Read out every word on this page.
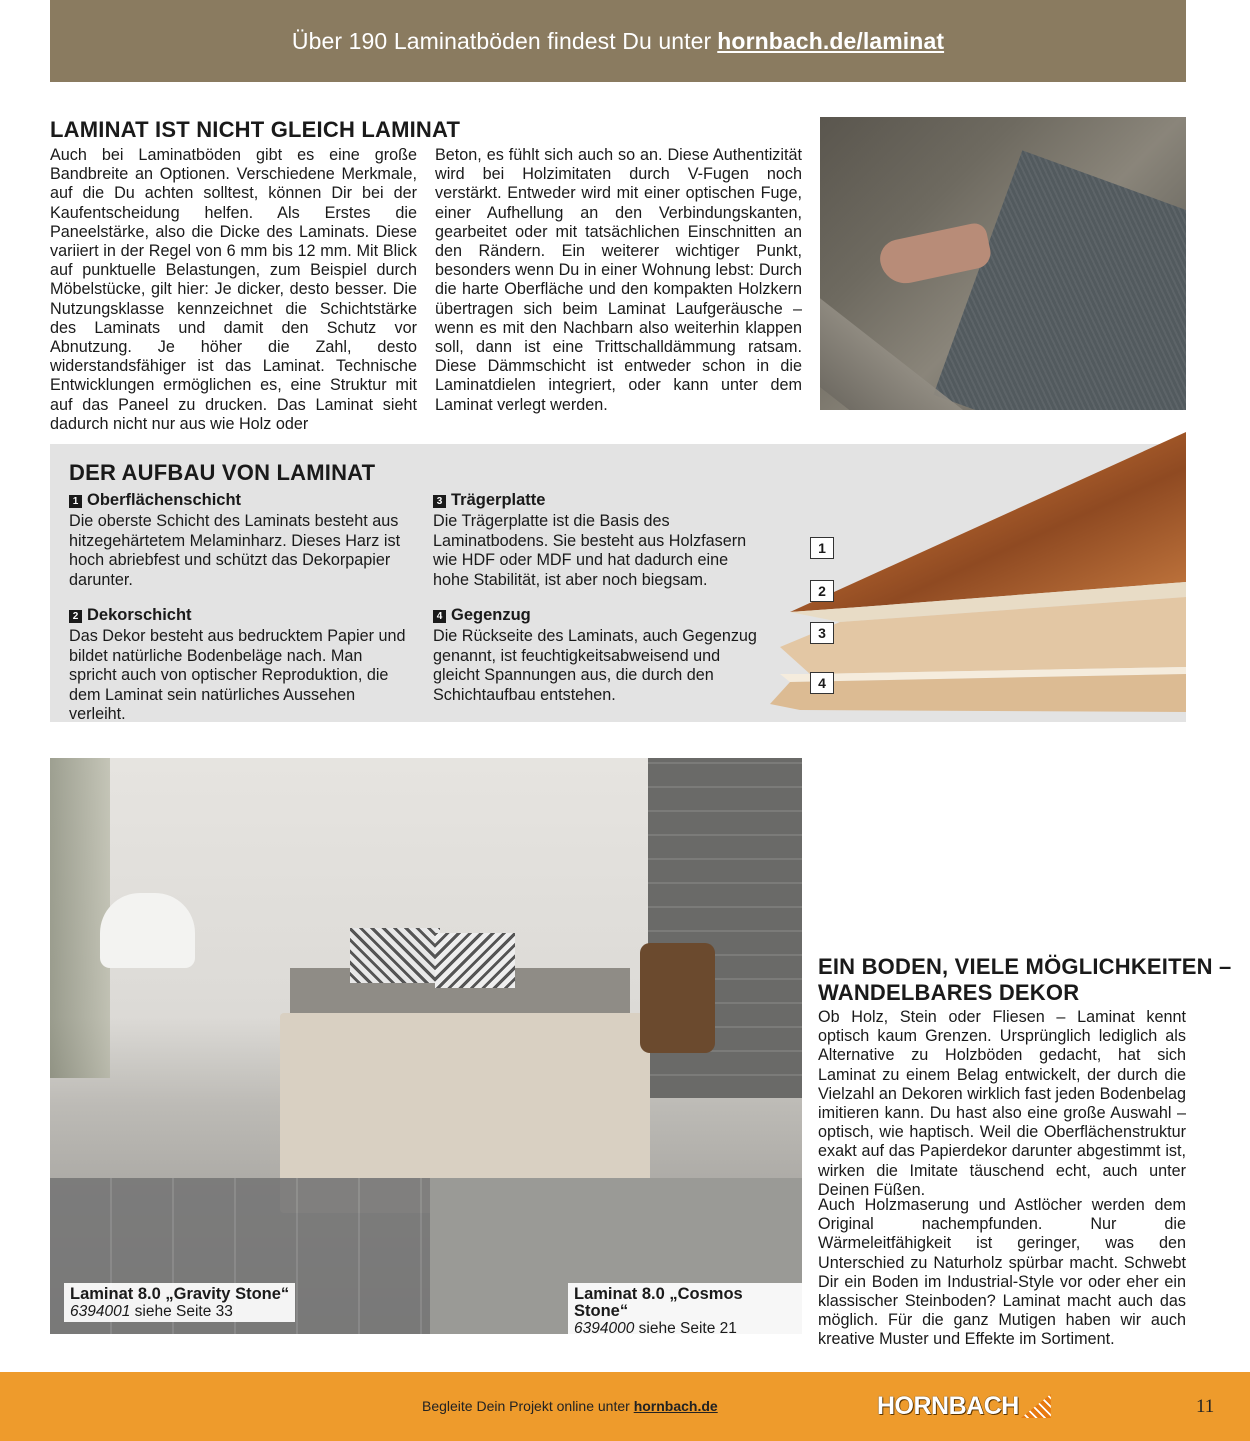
Über 190 Laminatböden findest Du unter hornbach.de/laminat
LAMINAT IST NICHT GLEICH LAMINAT
Auch bei Laminatböden gibt es eine große Bandbreite an Optionen. Verschiedene Merkmale, auf die Du achten solltest, können Dir bei der Kaufentscheidung helfen. Als Erstes die Paneelstärke, also die Dicke des Laminats. Diese variiert in der Regel von 6 mm bis 12 mm. Mit Blick auf punktuelle Belastungen, zum Beispiel durch Möbelstücke, gilt hier: Je dicker, desto besser. Die Nutzungsklasse kennzeichnet die Schichtstärke des Laminats und damit den Schutz vor Abnutzung. Je höher die Zahl, desto widerstandsfähiger ist das Laminat. Technische Entwicklungen ermöglichen es, eine Struktur mit auf das Paneel zu drucken. Das Laminat sieht dadurch nicht nur aus wie Holz oder
Beton, es fühlt sich auch so an. Diese Authentizität wird bei Holzimitaten durch V-Fugen noch verstärkt. Entweder wird mit einer optischen Fuge, einer Aufhellung an den Verbindungskanten, gearbeitet oder mit tatsächlichen Einschnitten an den Rändern. Ein weiterer wichtiger Punkt, besonders wenn Du in einer Wohnung lebst: Durch die harte Oberfläche und den kompakten Holzkern übertragen sich beim Laminat Laufgeräusche – wenn es mit den Nachbarn also weiterhin klappen soll, dann ist eine Trittschalldämmung ratsam. Diese Dämmschicht ist entweder schon in die Laminatdielen integriert, oder kann unter dem Laminat verlegt werden.
DER AUFBAU VON LAMINAT
1 Oberflächenschicht
Die oberste Schicht des Laminats besteht aus hitzegehärtetem Melaminharz. Dieses Harz ist hoch abriebfest und schützt das Dekorpapier darunter.
2 Dekorschicht
Das Dekor besteht aus bedrucktem Papier und bildet natürliche Bodenbeläge nach. Man spricht auch von optischer Reproduktion, die dem Laminat sein natürliches Aussehen verleiht.
3 Trägerplatte
Die Trägerplatte ist die Basis des Laminatbodens. Sie besteht aus Holzfasern wie HDF oder MDF und hat dadurch eine hohe Stabilität, ist aber noch biegsam.
4 Gegenzug
Die Rückseite des Laminats, auch Gegenzug genannt, ist feuchtigkeitsabweisend und gleicht Spannungen aus, die durch den Schichtaufbau entstehen.
1
2
3
4
Laminat 8.0 „Gravity Stone“
6394001 siehe Seite 33
Laminat 8.0 „Cosmos Stone“
6394000 siehe Seite 21
EIN BODEN, VIELE MÖGLICHKEITEN –
WANDELBARES DEKOR
Ob Holz, Stein oder Fliesen – Laminat kennt optisch kaum Grenzen. Ursprünglich lediglich als Alternative zu Holzböden gedacht, hat sich Laminat zu einem Belag entwickelt, der durch die Vielzahl an Dekoren wirklich fast jeden Bodenbelag imitieren kann. Du hast also eine große Auswahl – optisch, wie haptisch. Weil die Oberflächenstruktur exakt auf das Papierdekor darunter abgestimmt ist, wirken die Imitate täuschend echt, auch unter Deinen Füßen.
Auch Holzmaserung und Astlöcher werden dem Original nachempfunden. Nur die Wärmeleitfähigkeit ist geringer, was den Unterschied zu Naturholz spürbar macht. Schwebt Dir ein Boden im Industrial-Style vor oder eher ein klassischer Steinboden? Laminat macht auch das möglich. Für die ganz Mutigen haben wir auch kreative Muster und Effekte im Sortiment.
Begleite Dein Projekt online unter hornbach.de	HORNBACH	11
